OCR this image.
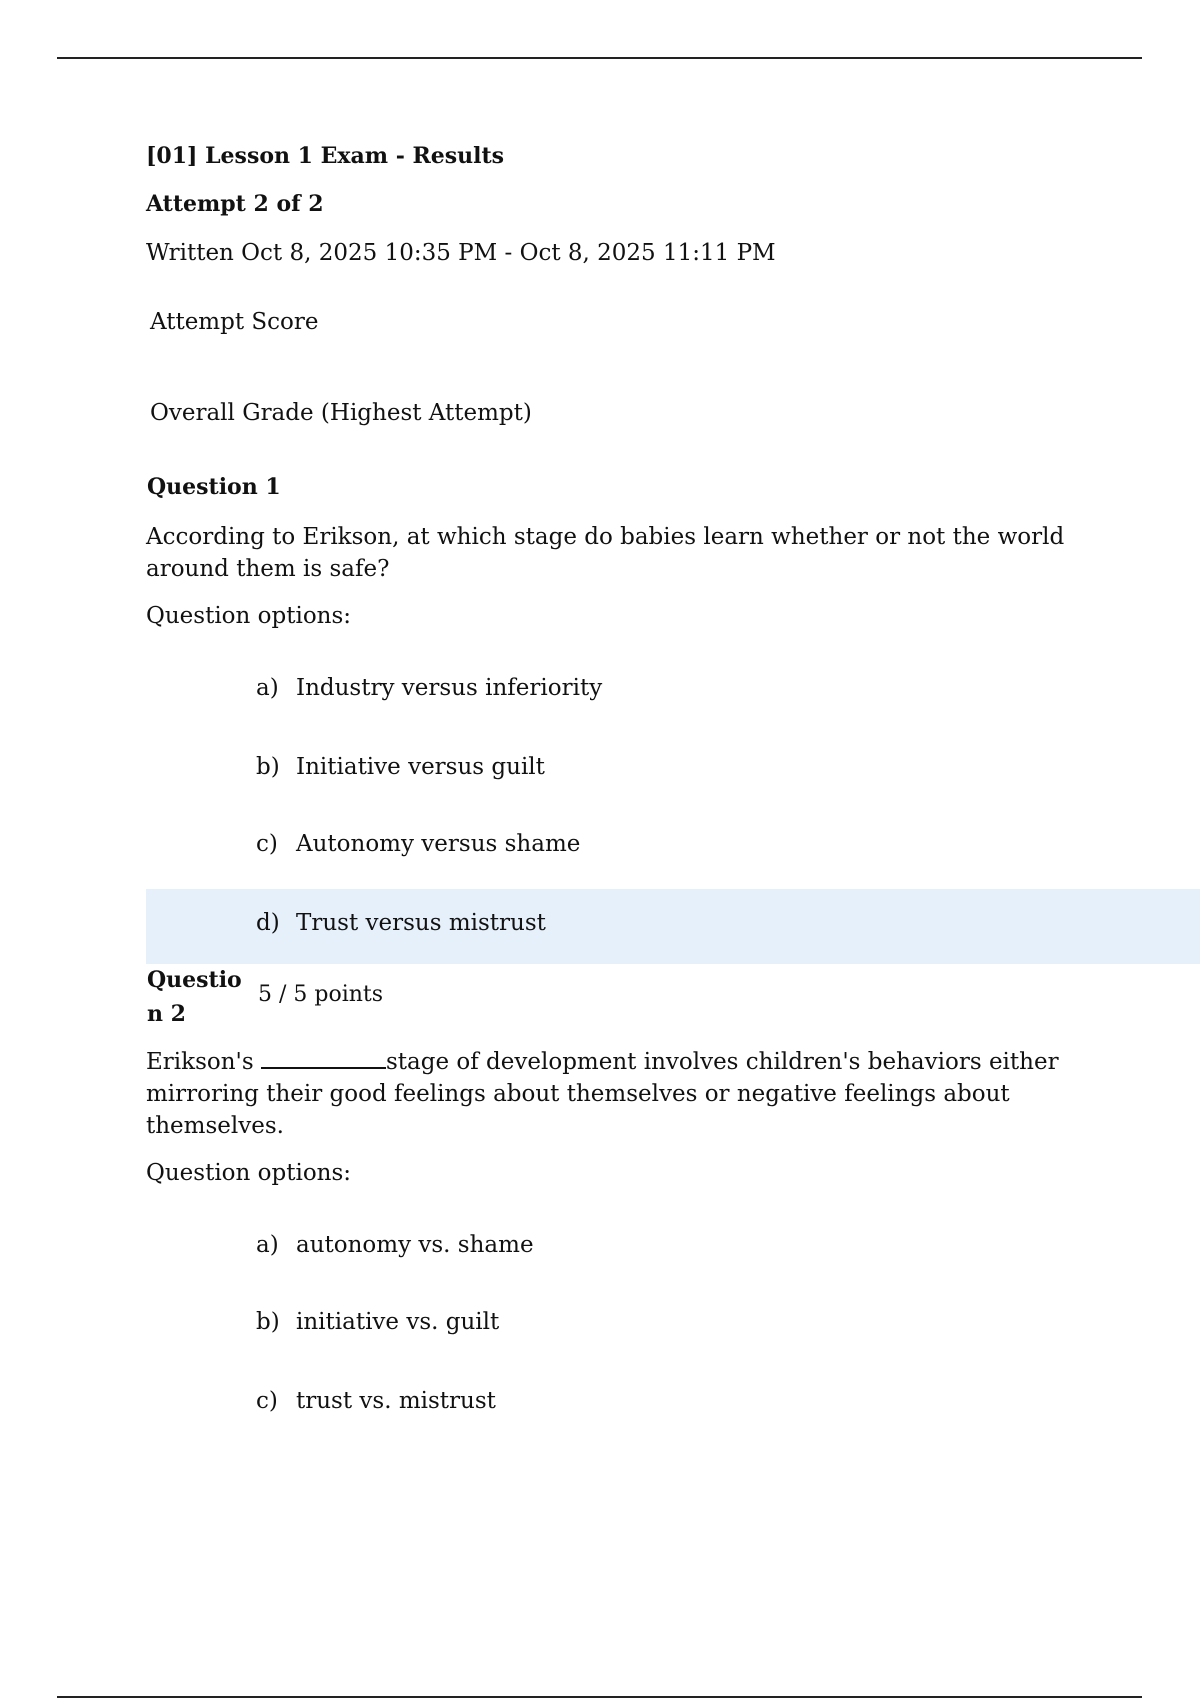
[01] Lesson 1 Exam - Results
Attempt 2 of 2
Written Oct 8, 2025 10:35 PM - Oct 8, 2025 11:11 PM
Attempt Score
Overall Grade (Highest Attempt)
Question 1
According to Erikson, at which stage do babies learn whether or not the world around them is safe?
Question options:
a) Industry versus inferiority
b) Initiative versus guilt
c) Autonomy versus shame
d) Trust versus mistrust
Question 2
5 / 5 points
Erikson's	stage of development involves children's behaviors either mirroring their good feelings about themselves or negative feelings about themselves.
Question options:
a) autonomy vs. shame
b) initiative vs. guilt
c) trust vs. mistrust
